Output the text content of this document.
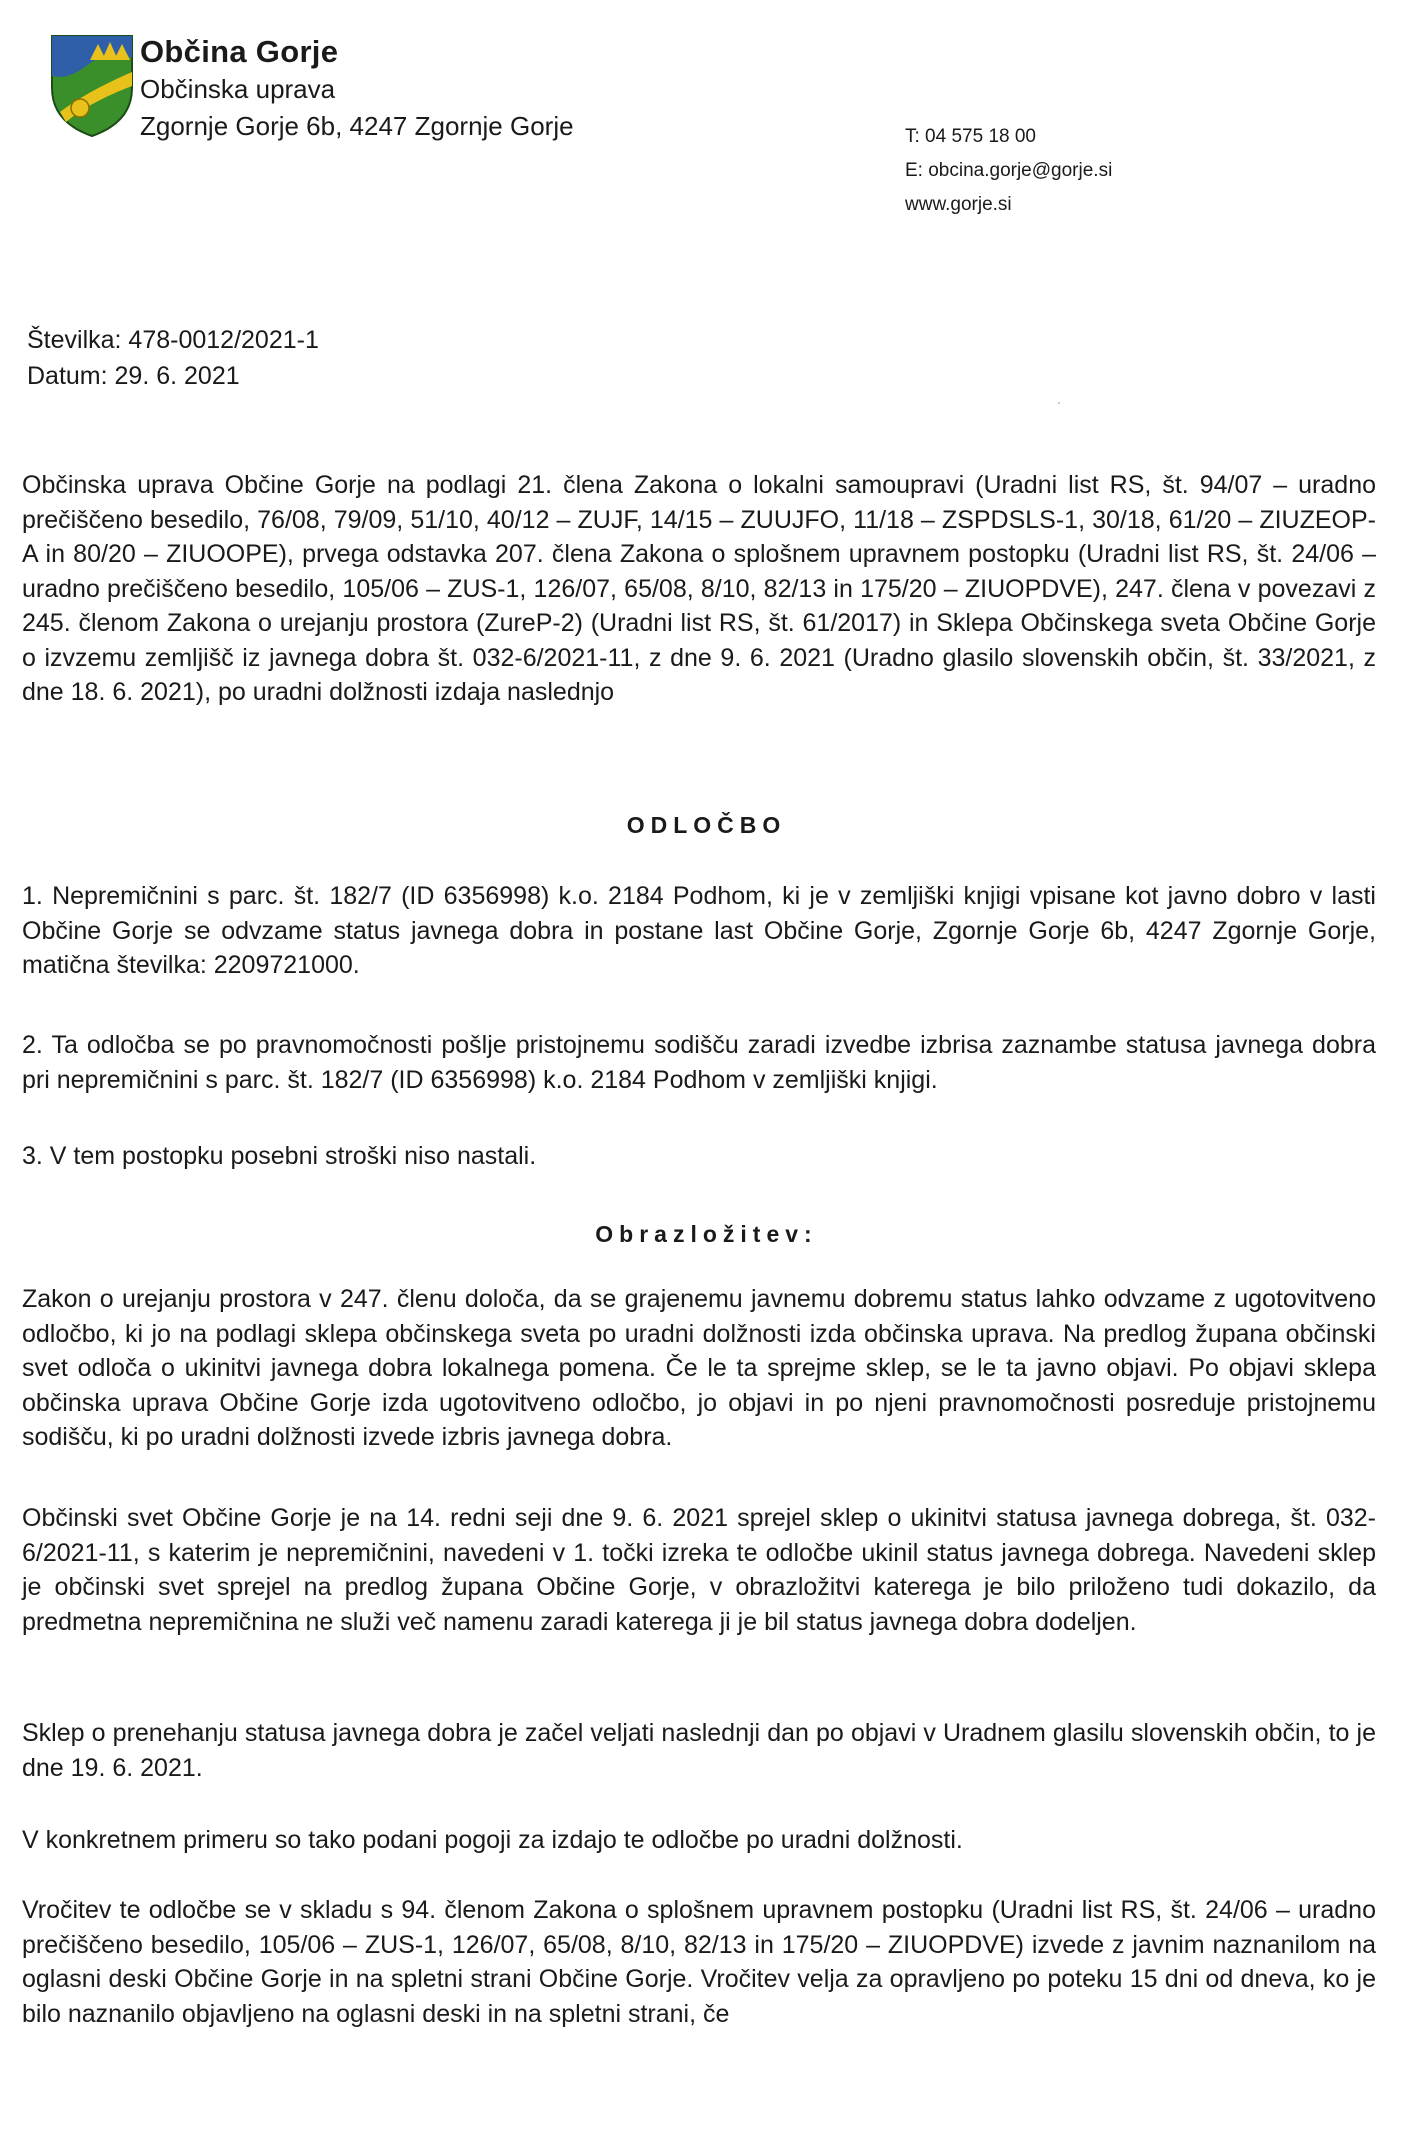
Občina Gorje
Občinska uprava
Zgornje Gorje 6b, 4247 Zgornje Gorje	T: 04 575 18 00
E: obcina.gorje@gorje.si
www.gorje.si
Številka: 478-0012/2021-1
Datum: 29. 6. 2021

Občinska uprava Občine Gorje na podlagi 21. člena Zakona o lokalni samoupravi (Uradni list RS, št. 94/07 – uradno prečiščeno besedilo, 76/08, 79/09, 51/10, 40/12 – ZUJF, 14/15 – ZUUJFO, 11/18 – ZSPDSLS-1, 30/18, 61/20 – ZIUZEOP-A in 80/20 – ZIUOOPE), prvega odstavka 207. člena Zakona o splošnem upravnem postopku (Uradni list RS, št. 24/06 – uradno prečiščeno besedilo, 105/06 – ZUS-1, 126/07, 65/08, 8/10, 82/13 in 175/20 – ZIUOPDVE), 247. člena v povezavi z 245. členom Zakona o urejanju prostora (ZureP-2) (Uradni list RS, št. 61/2017) in Sklepa Občinskega sveta Občine Gorje o izvzemu zemljišč iz javnega dobra št. 032-6/2021-11, z dne 9. 6. 2021 (Uradno glasilo slovenskih občin, št. 33/2021, z dne 18. 6. 2021), po uradni dolžnosti izdaja naslednjo

ODLOČBO

1. Nepremičnini s parc. št. 182/7 (ID 6356998) k.o. 2184 Podhom, ki je v zemljiški knjigi vpisane kot javno dobro v lasti Občine Gorje se odvzame status javnega dobra in postane last Občine Gorje, Zgornje Gorje 6b, 4247 Zgornje Gorje, matična številka: 2209721000.

2. Ta odločba se po pravnomočnosti pošlje pristojnemu sodišču zaradi izvedbe izbrisa zaznambe statusa javnega dobra pri nepremičnini s parc. št. 182/7 (ID 6356998) k.o. 2184 Podhom v zemljiški knjigi.

3. V tem postopku posebni stroški niso nastali.

Obrazložitev:

Zakon o urejanju prostora v 247. členu določa, da se grajenemu javnemu dobremu status lahko odvzame z ugotovitveno odločbo, ki jo na podlagi sklepa občinskega sveta po uradni dolžnosti izda občinska uprava. Na predlog župana občinski svet odloča o ukinitvi javnega dobra lokalnega pomena. Če le ta sprejme sklep, se le ta javno objavi. Po objavi sklepa občinska uprava Občine Gorje izda ugotovitveno odločbo, jo objavi in po njeni pravnomočnosti posreduje pristojnemu sodišču, ki po uradni dolžnosti izvede izbris javnega dobra.

Občinski svet Občine Gorje je na 14. redni seji dne 9. 6. 2021 sprejel sklep o ukinitvi statusa javnega dobrega, št. 032-6/2021-11, s katerim je nepremičnini, navedeni v 1. točki izreka te odločbe ukinil status javnega dobrega. Navedeni sklep je občinski svet sprejel na predlog župana Občine Gorje, v obrazložitvi katerega je bilo priloženo tudi dokazilo, da predmetna nepremičnina ne služi več namenu zaradi katerega ji je bil status javnega dobra dodeljen.

Sklep o prenehanju statusa javnega dobra je začel veljati naslednji dan po objavi v Uradnem glasilu slovenskih občin, to je dne 19. 6. 2021.

V konkretnem primeru so tako podani pogoji za izdajo te odločbe po uradni dolžnosti.

Vročitev te odločbe se v skladu s 94. členom Zakona o splošnem upravnem postopku (Uradni list RS, št. 24/06 – uradno prečiščeno besedilo, 105/06 – ZUS-1, 126/07, 65/08, 8/10, 82/13 in 175/20 – ZIUOPDVE) izvede z javnim naznanilom na oglasni deski Občine Gorje in na spletni strani Občine Gorje. Vročitev velja za opravljeno po poteku 15 dni od dneva, ko je bilo naznanilo objavljeno na oglasni deski in na spletni strani, če
